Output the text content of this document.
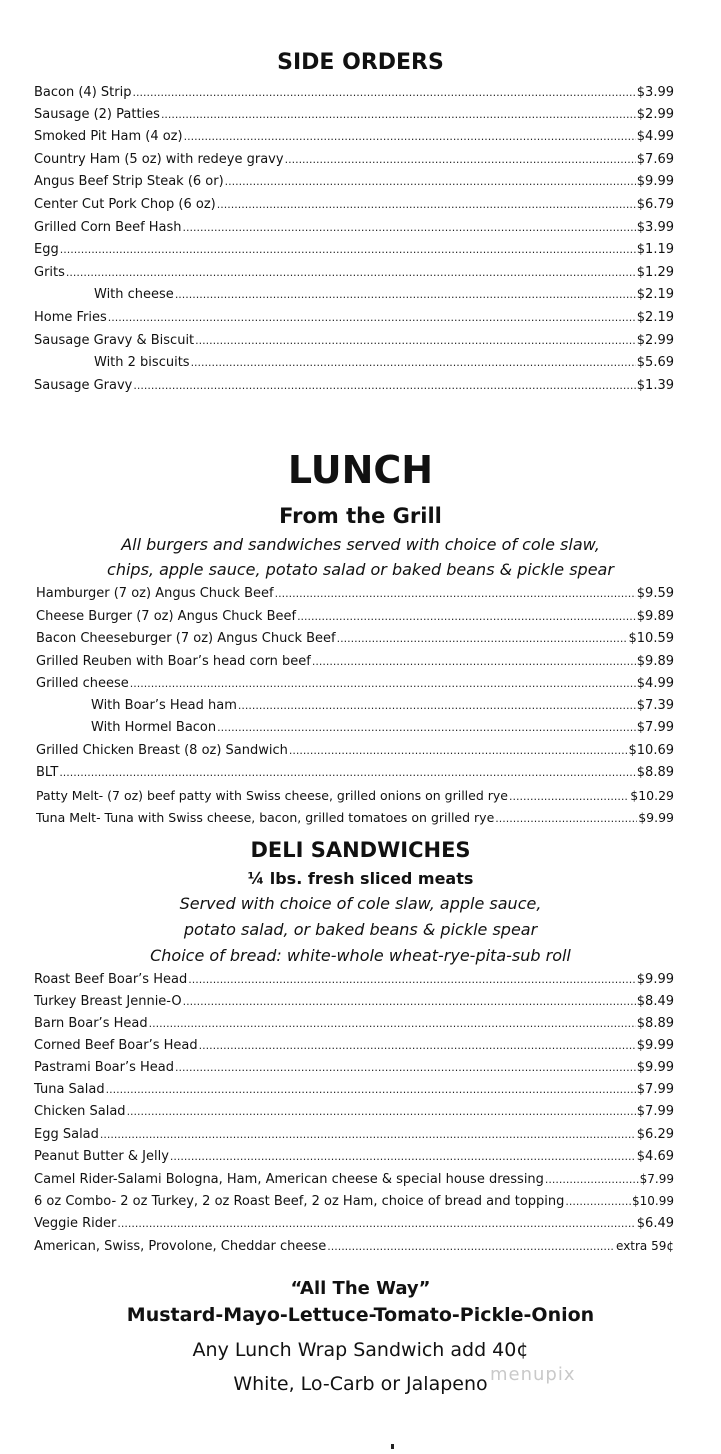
SIDE ORDERS
Bacon (4) Strip .....	$3.99
Sausage (2) Patties .....	$2.99
Smoked Pit Ham (4 oz) .....	$4.99
Country Ham (5 oz) with redeye gravy .....	$7.69
Angus Beef Strip Steak (6 or) .....	$9.99
Center Cut Pork Chop (6 oz) .....	$6.79
Grilled Corn Beef Hash .....	$3.99
Egg .....	$1.19
Grits .....	$1.29
With cheese .....	$2.19
Home Fries .....	$2.19
Sausage Gravy & Biscuit .....	$2.99
With 2 biscuits .....	$5.69
Sausage Gravy .....	$1.39
LUNCH
From the Grill
All burgers and sandwiches served with choice of cole slaw,
chips, apple sauce, potato salad or baked beans & pickle spear
Hamburger (7 oz) Angus Chuck Beef .....	$9.59
Cheese Burger (7 oz) Angus Chuck Beef .....	$9.89
Bacon Cheeseburger (7 oz) Angus Chuck Beef .....	$10.59
Grilled Reuben with Boar’s head corn beef .....	$9.89
Grilled cheese .....	$4.99
With Boar’s Head ham .....	$7.39
With Hormel Bacon .....	$7.99
Grilled Chicken Breast (8 oz) Sandwich .....	$10.69
BLT .....	$8.89
Patty Melt- (7 oz) beef patty with Swiss cheese, grilled onions on grilled rye .....	$10.29
Tuna Melt- Tuna with Swiss cheese, bacon, grilled tomatoes on grilled rye .....	$9.99
DELI SANDWICHES
¼ lbs. fresh sliced meats
Served with choice of cole slaw, apple sauce,
potato salad, or baked beans & pickle spear
Choice of bread: white-whole wheat-rye-pita-sub roll
Roast Beef Boar’s Head .....	$9.99
Turkey Breast Jennie-O .....	$8.49
Barn Boar’s Head .....	$8.89
Corned Beef Boar’s Head .....	$9.99
Pastrami Boar’s Head .....	$9.99
Tuna Salad .....	$7.99
Chicken Salad .....	$7.99
Egg Salad .....	$6.29
Peanut Butter & Jelly .....	$4.69
Camel Rider-Salami Bologna, Ham, American cheese & special house dressing .....	$7.99
6 oz Combo- 2 oz Turkey, 2 oz Roast Beef, 2 oz Ham, choice of bread and topping .....	$10.99
Veggie Rider .....	$6.49
American, Swiss, Provolone, Cheddar cheese .....	extra 59¢
“All The Way”
Mustard-Mayo-Lettuce-Tomato-Pickle-Onion
Any Lunch Wrap Sandwich add 40¢
White, Lo-Carb or Jalapeno menupix
